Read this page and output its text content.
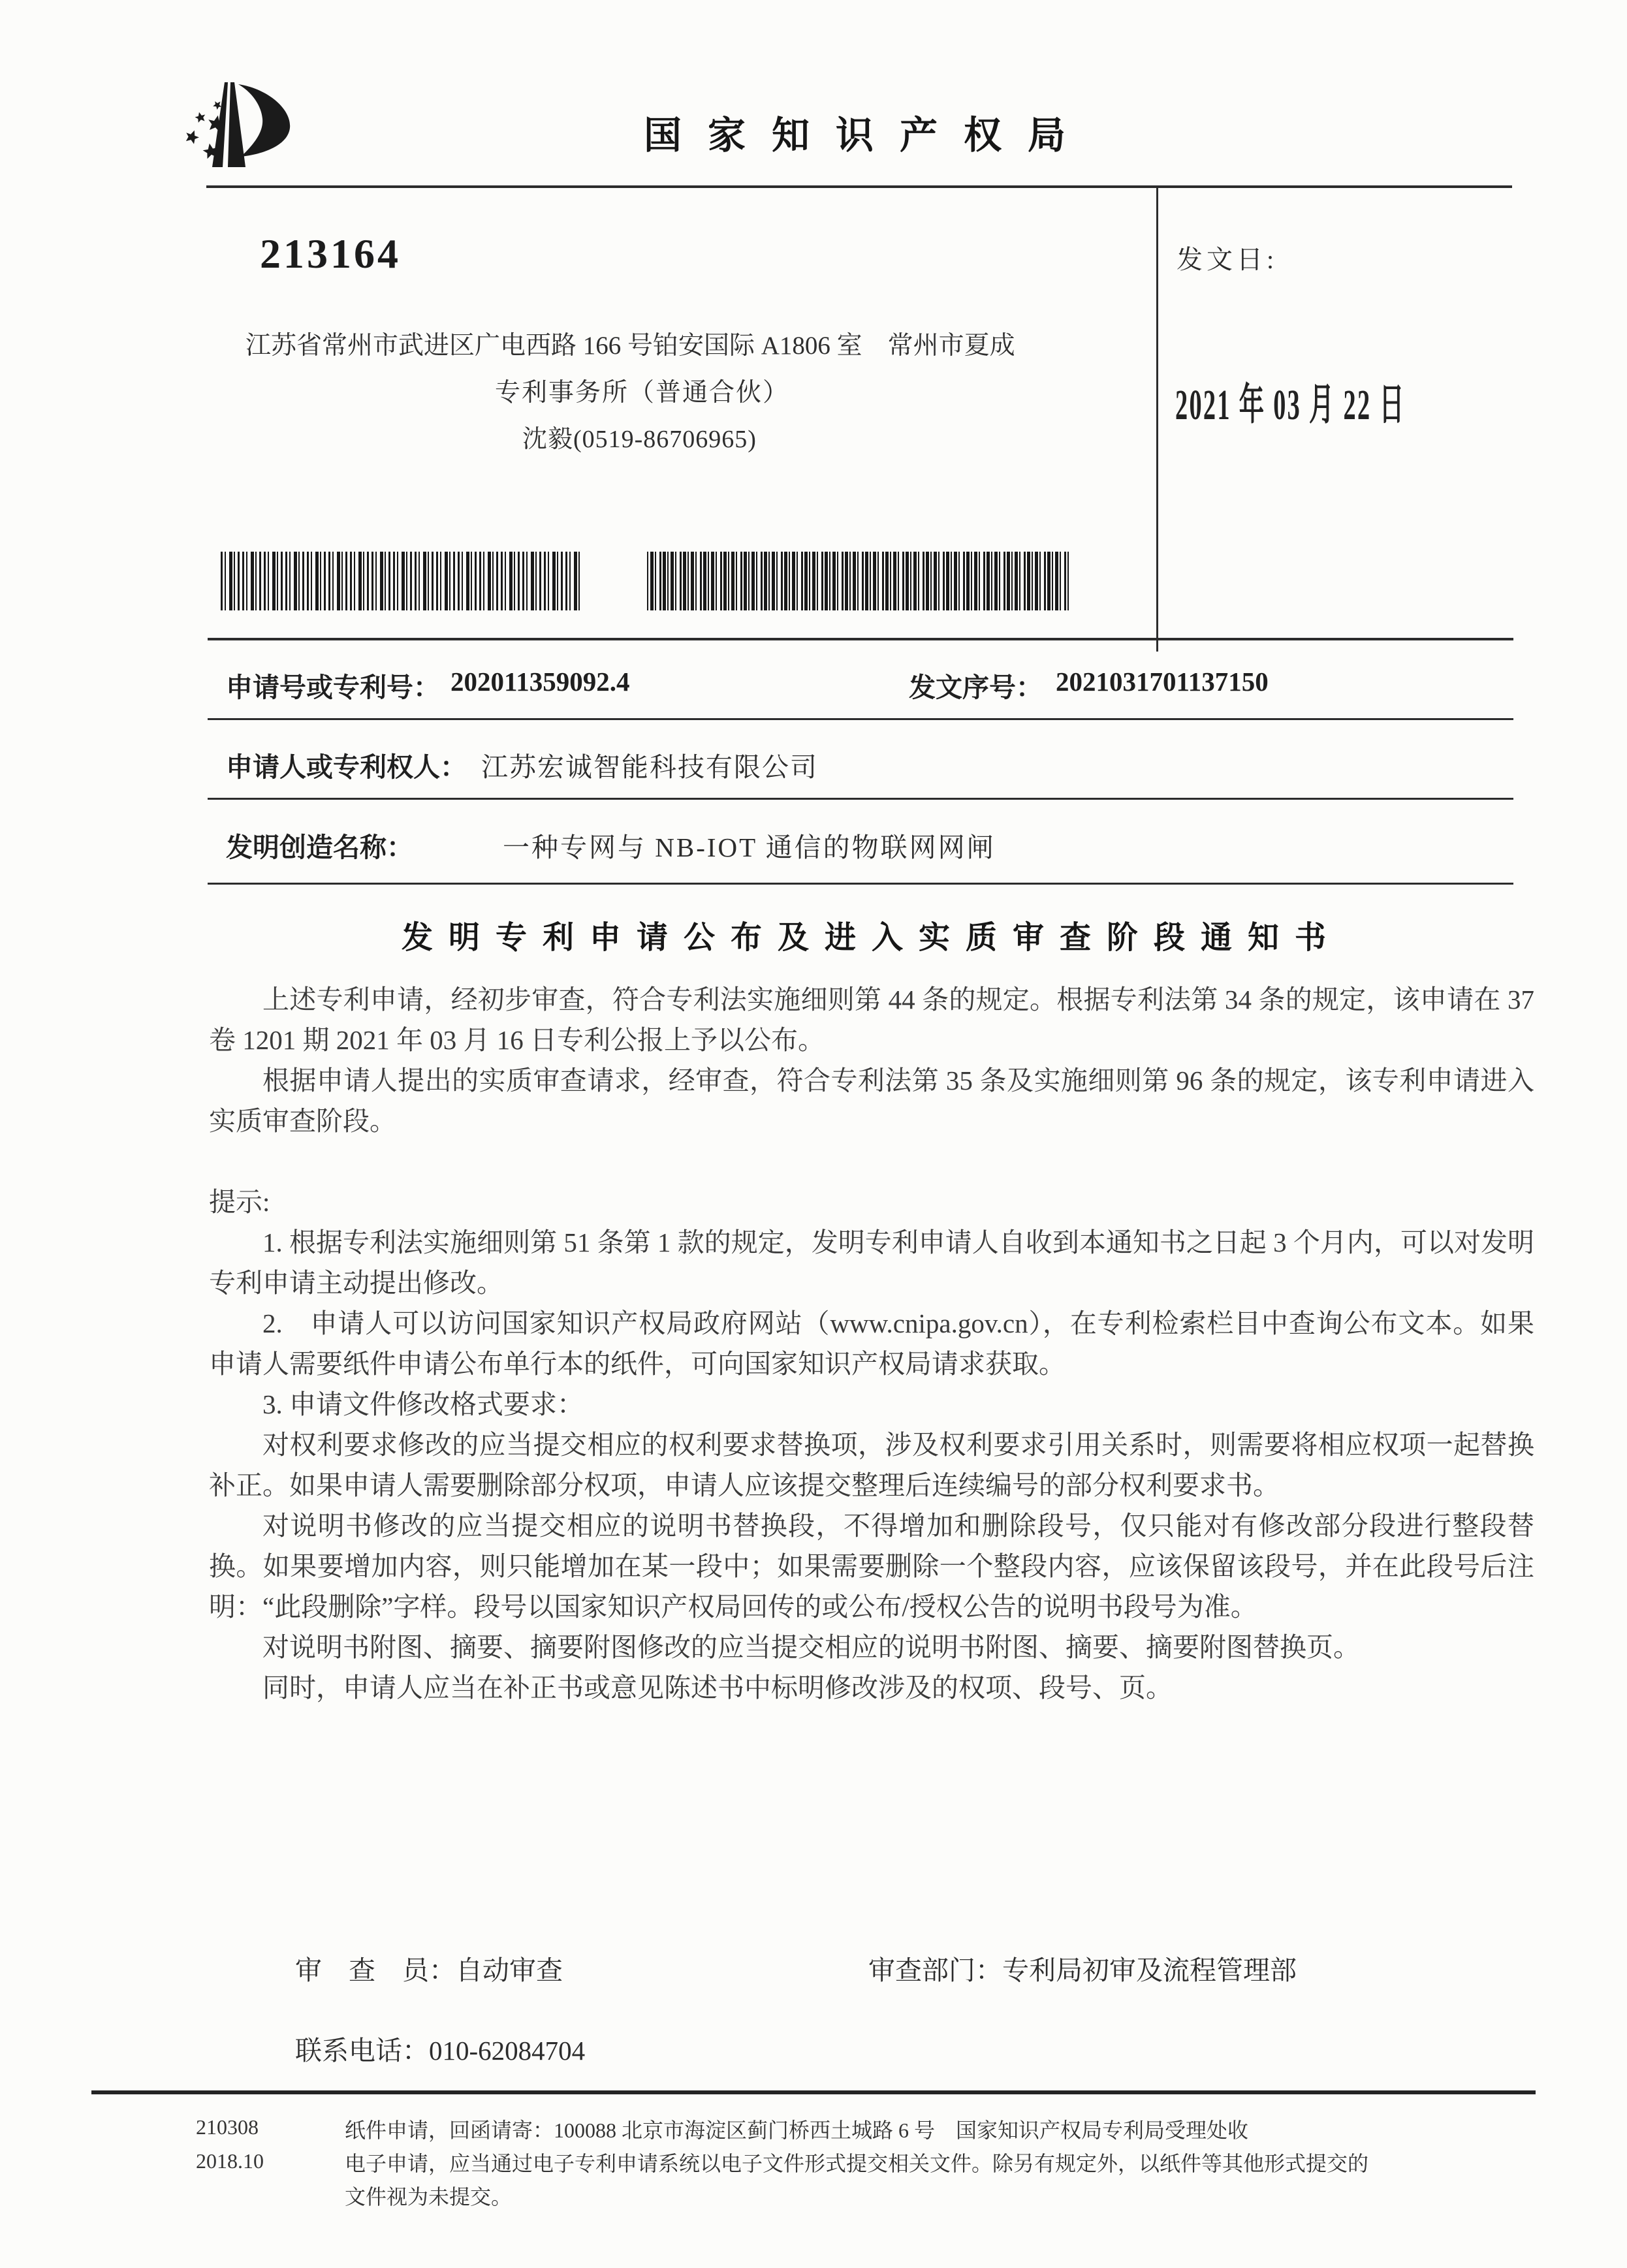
国家知识产权局
213164
江苏省常州市武进区广电西路 166 号铂安国际 A1806 室　常州市夏成
专利事务所（普通合伙）
沈毅(0519-86706965)
发文日:
2021 年 03 月 22 日
申请号或专利号： 202011359092.4	发文序号： 2021031701137150
申请人或专利权人： 江苏宏诚智能科技有限公司
发明创造名称：	一种专网与 NB-IOT 通信的物联网网闸
发明专利申请公布及进入实质审查阶段通知书

上述专利申请，经初步审查，符合专利法实施细则第 44 条的规定。根据专利法第 34 条的规定，该申请在 37 卷 1201 期 2021 年 03 月 16 日专利公报上予以公布。

根据申请人提出的实质审查请求，经审查，符合专利法第 35 条及实施细则第 96 条的规定，该专利申请进入实质审查阶段。

提示:

1. 根据专利法实施细则第 51 条第 1 款的规定，发明专利申请人自收到本通知书之日起 3 个月内，可以对发明专利申请主动提出修改。

2.　申请人可以访问国家知识产权局政府网站（www.cnipa.gov.cn），在专利检索栏目中查询公布文本。如果申请人需要纸件申请公布单行本的纸件，可向国家知识产权局请求获取。

3. 申请文件修改格式要求：

对权利要求修改的应当提交相应的权利要求替换项，涉及权利要求引用关系时，则需要将相应权项一起替换补正。如果申请人需要删除部分权项，申请人应该提交整理后连续编号的部分权利要求书。

对说明书修改的应当提交相应的说明书替换段，不得增加和删除段号，仅只能对有修改部分段进行整段替换。如果要增加内容，则只能增加在某一段中；如果需要删除一个整段内容，应该保留该段号，并在此段号后注明：“此段删除”字样。段号以国家知识产权局回传的或公布/授权公告的说明书段号为准。

对说明书附图、摘要、摘要附图修改的应当提交相应的说明书附图、摘要、摘要附图替换页。

同时，申请人应当在补正书或意见陈述书中标明修改涉及的权项、段号、页。

审　查　员：自动审查	审查部门：专利局初审及流程管理部
联系电话：010-62084704
210308
2018.10
纸件申请，回函请寄：100088 北京市海淀区蓟门桥西土城路 6 号　国家知识产权局专利局受理处收
电子申请，应当通过电子专利申请系统以电子文件形式提交相关文件。除另有规定外，以纸件等其他形式提交的
文件视为未提交。
